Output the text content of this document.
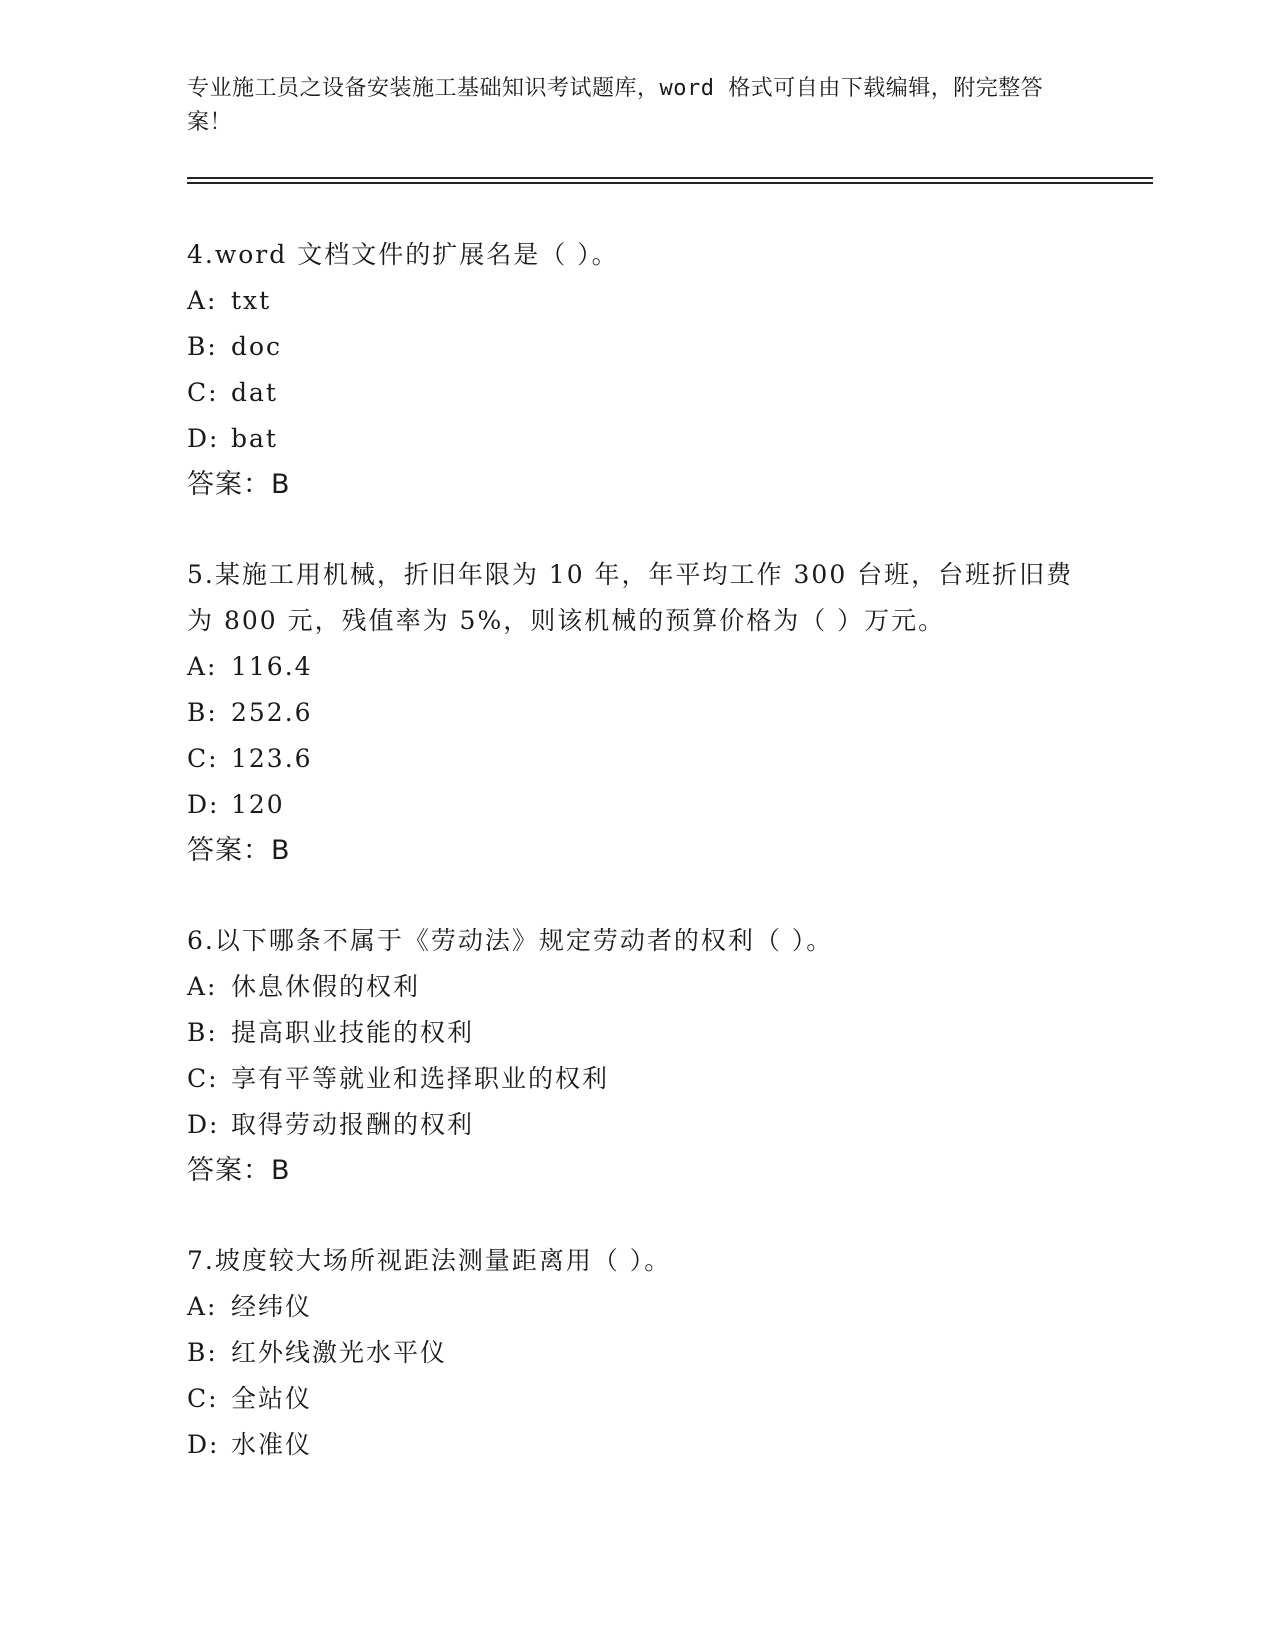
专业施工员之设备安装施工基础知识考试题库，word 格式可自由下载编辑，附完整答案！
4.word 文档文件的扩展名是（ ）。
A: txt
B: doc
C: dat
D: bat
答案：B
5.某施工用机械，折旧年限为 10 年，年平均工作 300 台班，台班折旧费为 800 元，残值率为 5%，则该机械的预算价格为（ ）万元。
A: 116.4
B: 252.6
C: 123.6
D: 120
答案：B
6.以下哪条不属于《劳动法》规定劳动者的权利（ ）。
A: 休息休假的权利
B: 提高职业技能的权利
C: 享有平等就业和选择职业的权利
D: 取得劳动报酬的权利
答案：B
7.坡度较大场所视距法测量距离用（ ）。
A: 经纬仪
B: 红外线激光水平仪
C: 全站仪
D: 水准仪
